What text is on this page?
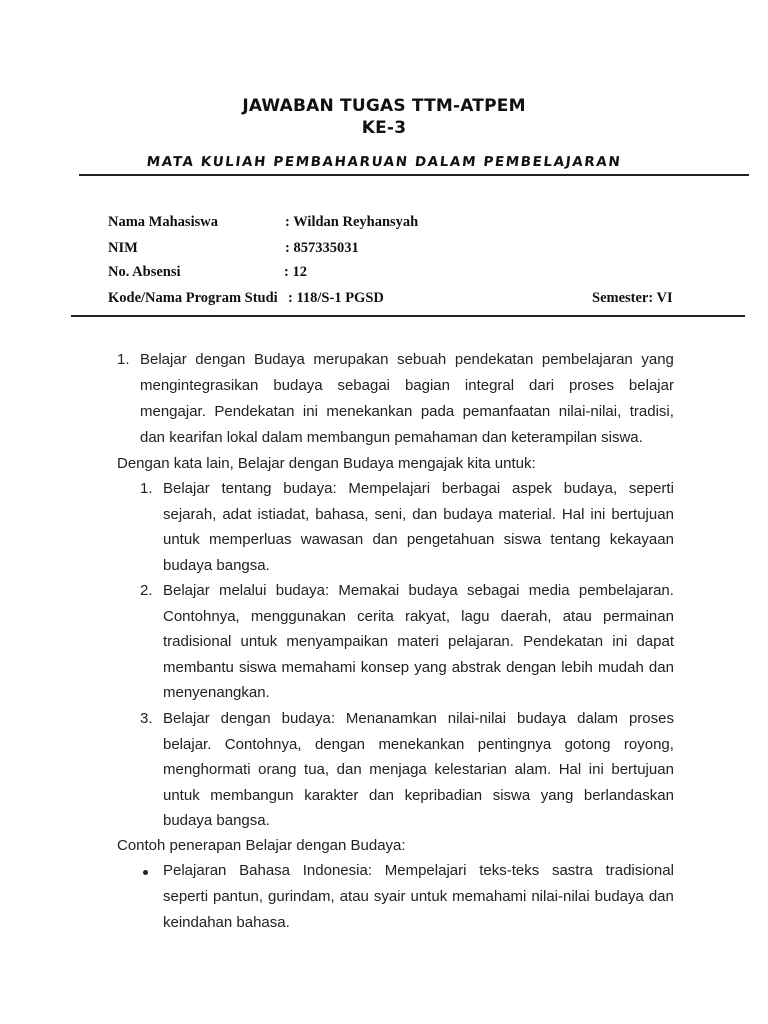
JAWABAN TUGAS TTM-ATPEM
KE-3
MATA KULIAH PEMBAHARUAN DALAM PEMBELAJARAN
Nama Mahasiswa	: Wildan Reyhansyah
NIM	: 857335031
No. Absensi	: 12
Kode/Nama Program Studi : 118/S-1 PGSD	Semester: VI
1. Belajar dengan Budaya merupakan sebuah pendekatan pembelajaran yang
mengintegrasikan budaya sebagai bagian integral dari proses belajar
mengajar. Pendekatan ini menekankan pada pemanfaatan nilai-nilai, tradisi,
dan kearifan lokal dalam membangun pemahaman dan keterampilan siswa.
Dengan kata lain, Belajar dengan Budaya mengajak kita untuk:
1. Belajar tentang budaya: Mempelajari berbagai aspek budaya, seperti
sejarah, adat istiadat, bahasa, seni, dan budaya material. Hal ini bertujuan
untuk memperluas wawasan dan pengetahuan siswa tentang kekayaan
budaya bangsa.
2. Belajar melalui budaya: Memakai budaya sebagai media pembelajaran.
Contohnya, menggunakan cerita rakyat, lagu daerah, atau permainan
tradisional untuk menyampaikan materi pelajaran. Pendekatan ini dapat
membantu siswa memahami konsep yang abstrak dengan lebih mudah dan
menyenangkan.
3. Belajar dengan budaya: Menanamkan nilai-nilai budaya dalam proses
belajar. Contohnya, dengan menekankan pentingnya gotong royong,
menghormati orang tua, dan menjaga kelestarian alam. Hal ini bertujuan
untuk membangun karakter dan kepribadian siswa yang berlandaskan
budaya bangsa.
Contoh penerapan Belajar dengan Budaya:
Pelajaran Bahasa Indonesia: Mempelajari teks-teks sastra tradisional
seperti pantun, gurindam, atau syair untuk memahami nilai-nilai budaya dan
keindahan bahasa.
